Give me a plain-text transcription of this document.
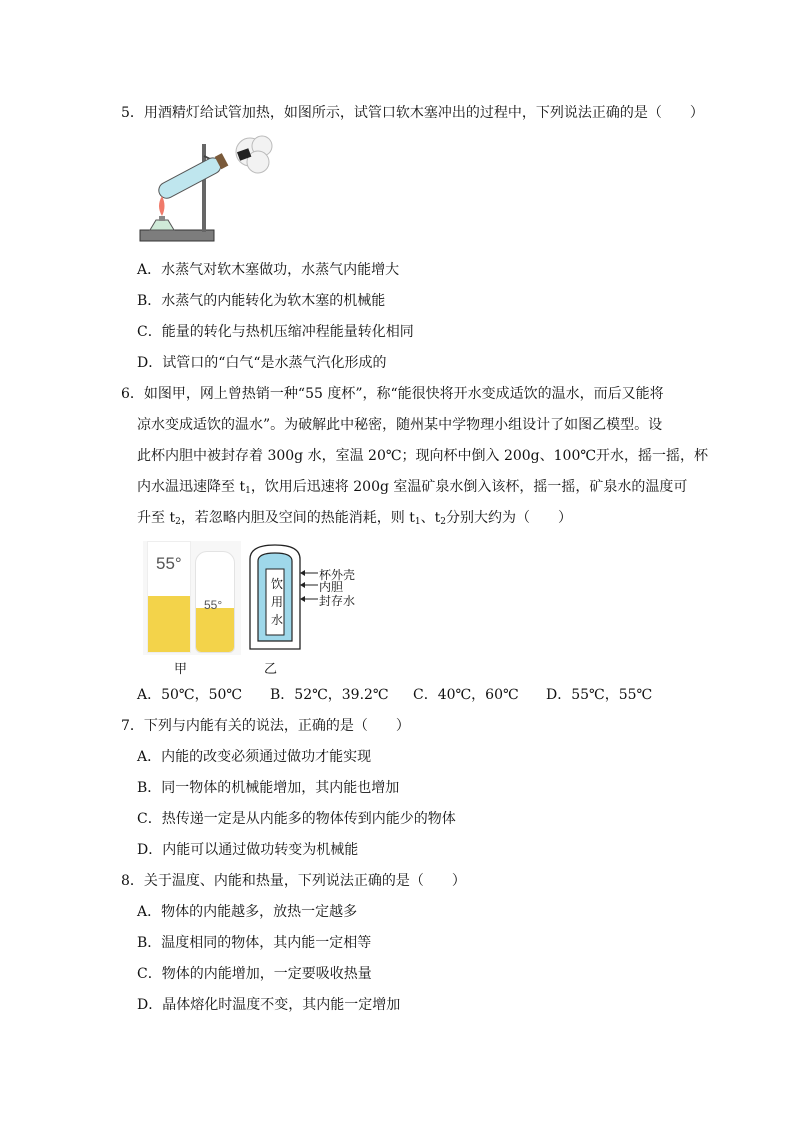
5．用酒精灯给试管加热，如图所示，试管口软木塞冲出的过程中，下列说法正确的是（　　）
A．水蒸气对软木塞做功，水蒸气内能增大
B．水蒸气的内能转化为软木塞的机械能
C．能量的转化与热机压缩冲程能量转化相同
D．试管口的“白气“是水蒸气汽化形成的
6．如图甲，网上曾热销一种“55 度杯”，称“能很快将开水变成适饮的温水，而后又能将
凉水变成适饮的温水”。为破解此中秘密，随州某中学物理小组设计了如图乙模型。设
此杯内胆中被封存着 300g 水，室温 20℃；现向杯中倒入 200g、100℃开水，摇一摇，杯
内水温迅速降至 $t_1$，饮用后迅速将 200g 室温矿泉水倒入该杯，摇一摇，矿泉水的温度可
升至 $t_2$，若忽略内胆及空间的热能消耗，则 $t_1$、$t_2$分别大约为（　　）
55°
55°
甲
饮
用
水
杯外壳
内胆
封存水
乙
A．50℃，50℃ B．52℃，39.2℃ C．40℃，60℃ D．55℃，55℃
7．下列与内能有关的说法，正确的是（　　）
A．内能的改变必须通过做功才能实现
B．同一物体的机械能增加，其内能也增加
C．热传递一定是从内能多的物体传到内能少的物体
D．内能可以通过做功转变为机械能
8．关于温度、内能和热量，下列说法正确的是（　　）
A．物体的内能越多，放热一定越多
B．温度相同的物体，其内能一定相等
C．物体的内能增加，一定要吸收热量
D．晶体熔化时温度不变，其内能一定增加
